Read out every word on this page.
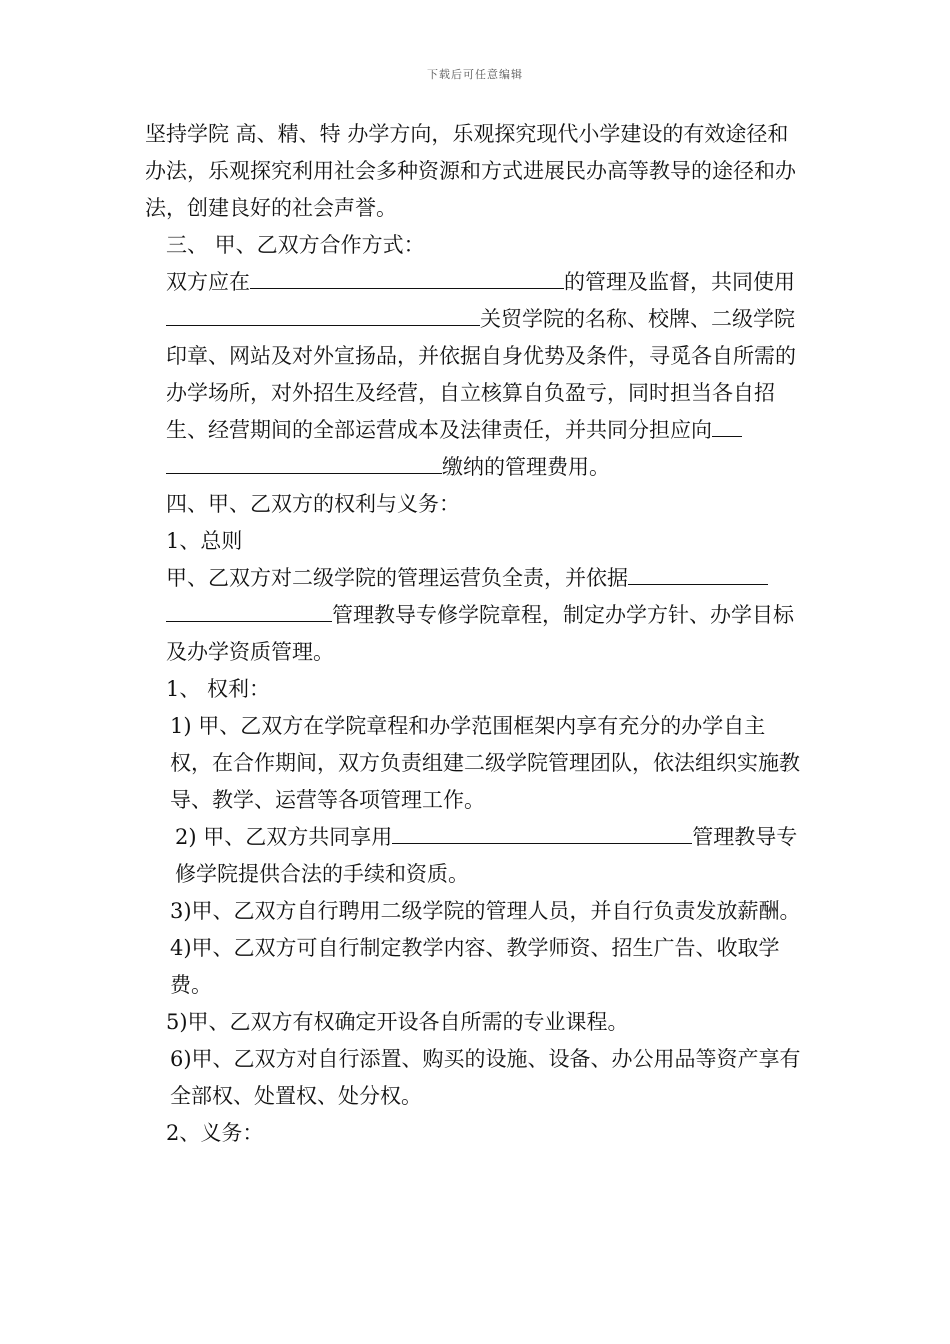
下载后可任意编辑

坚持学院 高、精、特 办学方向，乐观探究现代小学建设的有效途径和办法，乐观探究利用社会多种资源和方式进展民办高等教导的途径和办法，创建良好的社会声誉。

三、 甲、乙双方合作方式：

双方应在	的管理及监督，共同使用关贸学院的名称、校牌、二级学院印章、网站及对外宣扬品，并依据自身优势及条件，寻觅各自所需的办学场所，对外招生及经营，自立核算自负盈亏，同时担当各自招生、经营期间的全部运营成本及法律责任，并共同分担应向缴纳的管理费用。

四、甲、乙双方的权利与义务：

1、总则

甲、乙双方对二级学院的管理运营负全责，并依据管理教导专修学院章程，制定办学方针、办学目标及办学资质管理。

1、 权利：

1) 甲、乙双方在学院章程和办学范围框架内享有充分的办学自主权，在合作期间，双方负责组建二级学院管理团队，依法组织实施教导、教学、运营等各项管理工作。

2) 甲、乙双方共同享用	管理教导专修学院提供合法的手续和资质。

3)甲、乙双方自行聘用二级学院的管理人员，并自行负责发放薪酬。

4)甲、乙双方可自行制定教学内容、教学师资、招生广告、收取学费。

5)甲、乙双方有权确定开设各自所需的专业课程。

6)甲、乙双方对自行添置、购买的设施、设备、办公用品等资产享有全部权、处置权、处分权。

2、义务：
